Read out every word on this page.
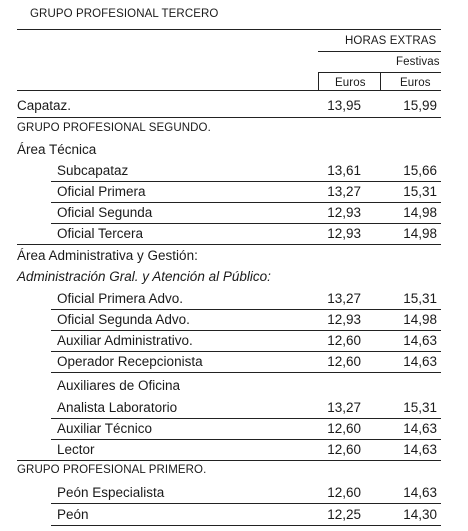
GRUPO PROFESIONAL TERCERO
HORAS EXTRAS
Festivas
Euros	Euros
Capataz.	13,95	15,99
GRUPO PROFESIONAL SEGUNDO.
Área Técnica
Subcapataz	13,61	15,66
Oficial Primera	13,27	15,31
Oficial Segunda	12,93	14,98
Oficial Tercera	12,93	14,98
Área Administrativa y Gestión:
Administración Gral. y Atención al Público:
Oficial Primera Advo.	13,27	15,31
Oficial Segunda Advo.	12,93	14,98
Auxiliar Administrativo.	12,60	14,63
Operador Recepcionista	12,60	14,63
Auxiliares de Oficina
Analista Laboratorio	13,27	15,31
Auxiliar Técnico	12,60	14,63
Lector	12,60	14,63
GRUPO PROFESIONAL PRIMERO.
Peón Especialista	12,60	14,63
Peón	12,25	14,30
